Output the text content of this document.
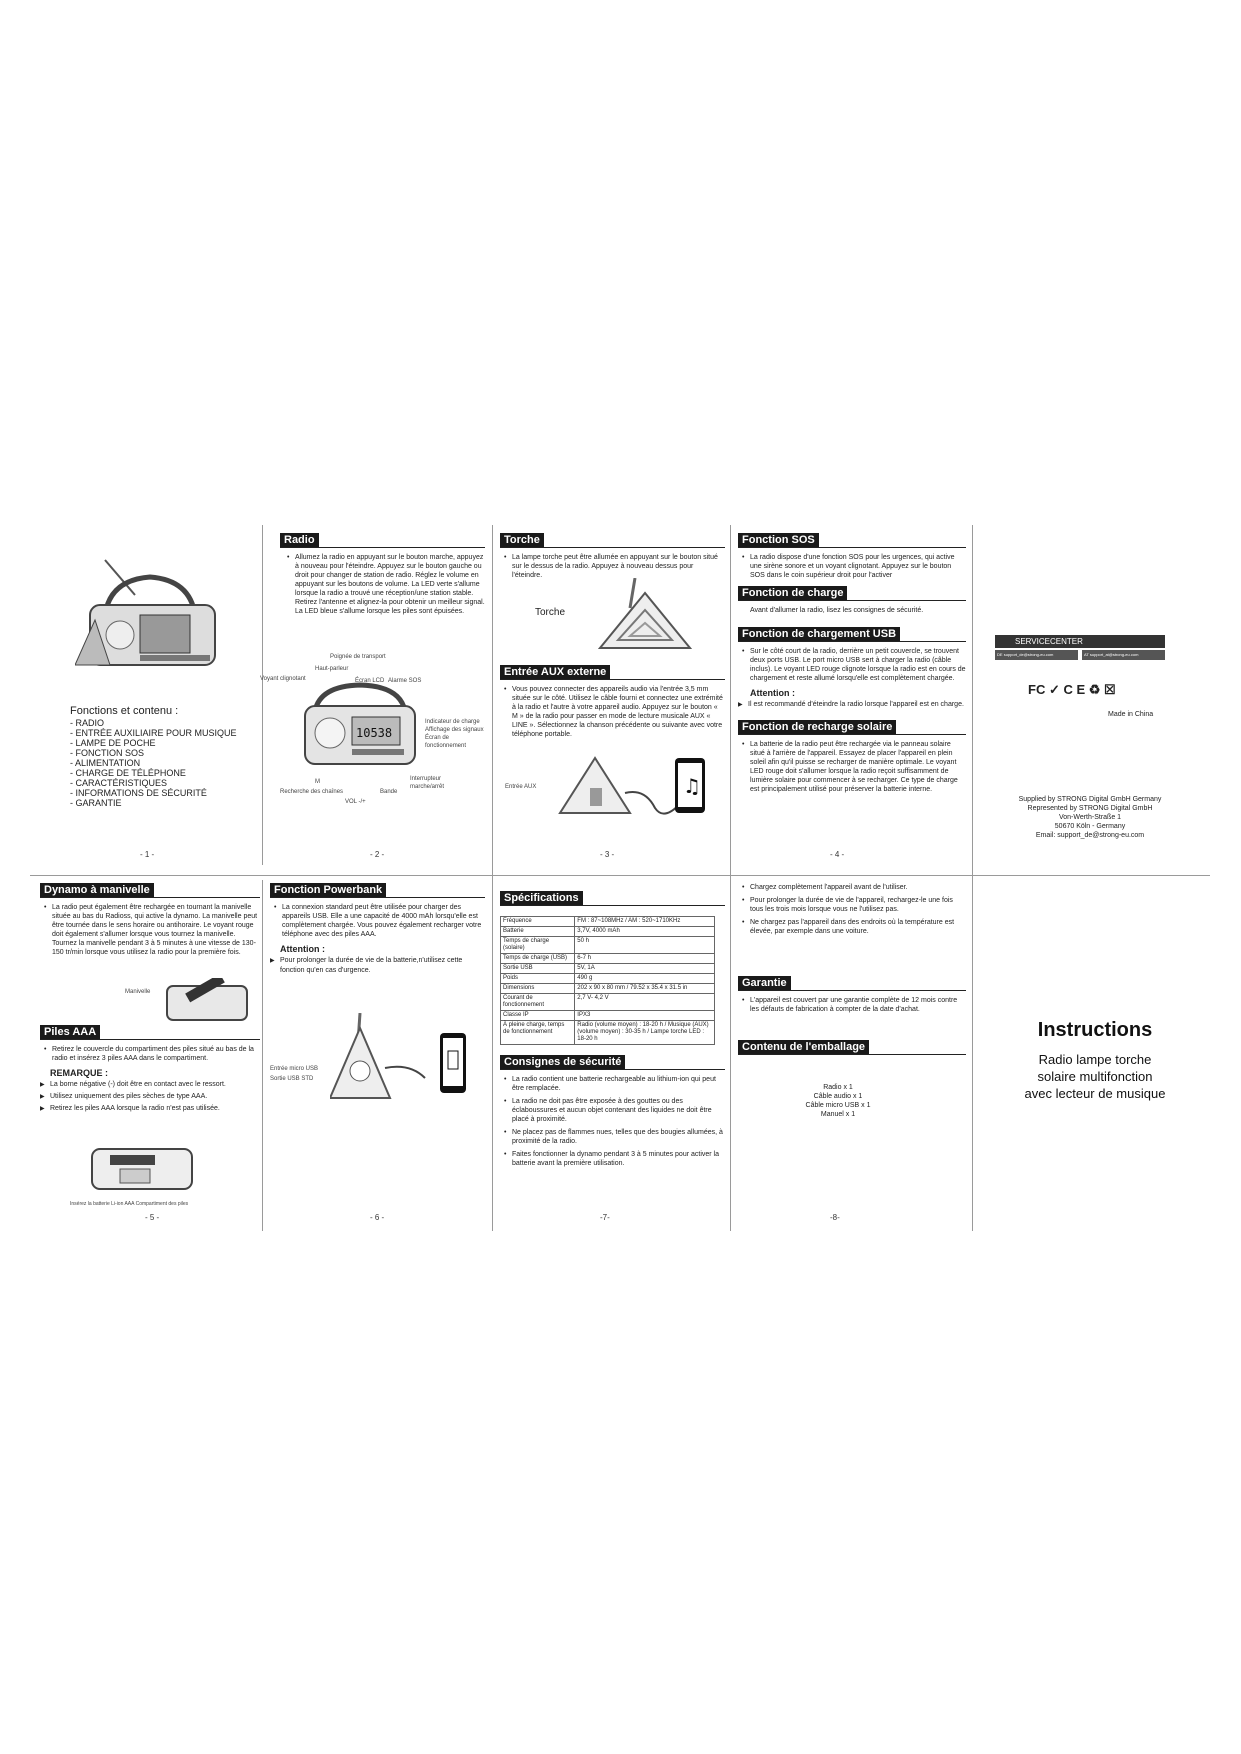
Fonctions et contenu :
- RADIO
- ENTRÉE AUXILIAIRE POUR MUSIQUE
- LAMPE DE POCHE
- FONCTION SOS
- ALIMENTATION
- CHARGE DE TÉLÉPHONE
- CARACTÉRISTIQUES
- INFORMATIONS DE SÉCURITÉ
- GARANTIE
- 1 -
Radio
• Allumez la radio en appuyant sur le bouton marche, appuyez à nouveau pour l'éteindre. Appuyez sur le bouton gauche ou droit pour changer de station de radio. Réglez le volume en appuyant sur les boutons de volume. La LED verte s'allume lorsque la radio a trouvé une réception/une station stable. Retirez l'antenne et alignez-la pour obtenir un meilleur signal. La LED bleue s'allume lorsque les piles sont épuisées.
10538
Poignée de transport
Haut-parleur
Voyant clignotant	Écran LCD Alarme SOS
Indicateur de charge
Affichage des signaux
Écran de fonctionnement
M	Interrupteur marche/arrêt
Recherche des chaînes	Bande
VOL -/+
- 2 -
Torche
• La lampe torche peut être allumée en appuyant sur le bouton situé sur le dessus de la radio. Appuyez à nouveau dessus pour l'éteindre.
Torche
Entrée AUX externe
• Vous pouvez connecter des appareils audio via l'entrée 3,5 mm située sur le côté. Utilisez le câble fourni et connectez une extrémité à la radio et l'autre à votre appareil audio. Appuyez sur le bouton « M » de la radio pour passer en mode de lecture musicale AUX « LINE ». Sélectionnez la chanson précédente ou suivante avec votre téléphone portable.
Entrée AUX	♫
- 3 -
Fonction SOS
• La radio dispose d'une fonction SOS pour les urgences, qui active une sirène sonore et un voyant clignotant. Appuyez sur le bouton SOS dans le coin supérieur droit pour l'activer
Fonction de charge
Avant d'allumer la radio, lisez les consignes de sécurité.
Fonction de chargement USB
• Sur le côté court de la radio, derrière un petit couvercle, se trouvent deux ports USB. Le port micro USB sert à charger la radio (câble inclus). Le voyant LED rouge clignote lorsque la radio est en cours de chargement et reste allumé lorsqu'elle est complètement chargée.
Attention :
▶ Il est recommandé d'éteindre la radio lorsque l'appareil est en charge.
Fonction de recharge solaire
• La batterie de la radio peut être rechargée via le panneau solaire situé à l'arrière de l'appareil. Essayez de placer l'appareil en plein soleil afin qu'il puisse se recharger de manière optimale. Le voyant LED rouge doit s'allumer lorsque la radio reçoit suffisamment de lumière solaire pour commencer à se recharger. Ce type de charge est principalement utilisé pour préserver la batterie interne.
- 4 -
SERVICECENTER
DE support_de@strong-eu.com	AT support_at@strong-eu.com
FC ✓ C E ♻ ☒
Made in China
Supplied by STRONG Digital GmbH Germany
Represented by STRONG Digital GmbH
Von-Werth-Straße 1
50670 Köln - Germany
Email: support_de@strong-eu.com
Dynamo à manivelle
• La radio peut également être rechargée en tournant la manivelle située au bas du Radioss, qui active la dynamo. La manivelle peut être tournée dans le sens horaire ou antihoraire. Le voyant rouge doit également s'allumer lorsque vous tournez la manivelle. Tournez la manivelle pendant 3 à 5 minutes à une vitesse de 130-150 tr/min lorsque vous utilisez la radio pour la première fois.
Manivelle
Piles AAA
• Retirez le couvercle du compartiment des piles situé au bas de la radio et insérez 3 piles AAA dans le compartiment.
REMARQUE :
▶ La borne négative (-) doit être en contact avec le ressort.
▶ Utilisez uniquement des piles sèches de type AAA.
▶ Retirez les piles AAA lorsque la radio n'est pas utilisée.
Insérez la batterie Li-ion AAA Compartiment des piles
- 5 -
Fonction Powerbank
• La connexion standard peut être utilisée pour charger des appareils USB. Elle a une capacité de 4000 mAh lorsqu'elle est complètement chargée. Vous pouvez également recharger votre téléphone avec des piles AAA.
Attention :
▶ Pour prolonger la durée de vie de la batterie,n'utilisez cette fonction qu'en cas d'urgence.
Entrée micro USB
Sortie USB STD
- 6 -
Spécifications
Fréquence	FM : 87~108MHz / AM : 520~1710KHz
Batterie	3,7V, 4000 mAh
Temps de charge (solaire)	50 h
Temps de charge (USB)	6-7 h
Sortie USB	5V, 1A
Poids	490 g
Dimensions	202 x 90 x 80 mm / 79.52 x 35.4 x 31.5 in
Courant de fonctionnement	2,7 V- 4,2 V
Classe IP	IPX3
À pleine charge, temps de fonctionnement	Radio (volume moyen) : 18-20 h / Musique (AUX) (volume moyen) : 30-35 h / Lampe torche LED : 18-20 h
Consignes de sécurité
• La radio contient une batterie rechargeable au lithium-ion qui peut être remplacée.
• La radio ne doit pas être exposée à des gouttes ou des éclaboussures et aucun objet contenant des liquides ne doit être placé à proximité.
• Ne placez pas de flammes nues, telles que des bougies allumées, à proximité de la radio.
• Faites fonctionner la dynamo pendant 3 à 5 minutes pour activer la batterie avant la première utilisation.
-7-
• Chargez complètement l'appareil avant de l'utiliser.
• Pour prolonger la durée de vie de l'appareil, rechargez-le une fois tous les trois mois lorsque vous ne l'utilisez pas.
• Ne chargez pas l'appareil dans des endroits où la température est élevée, par exemple dans une voiture.
Garantie
• L'appareil est couvert par une garantie complète de 12 mois contre les défauts de fabrication à compter de la date d'achat.
Contenu de l'emballage
Radio x 1
Câble audio x 1
Câble micro USB x 1
Manuel x 1
-8-
Instructions
Radio lampe torche
solaire multifonction
avec lecteur de musique
